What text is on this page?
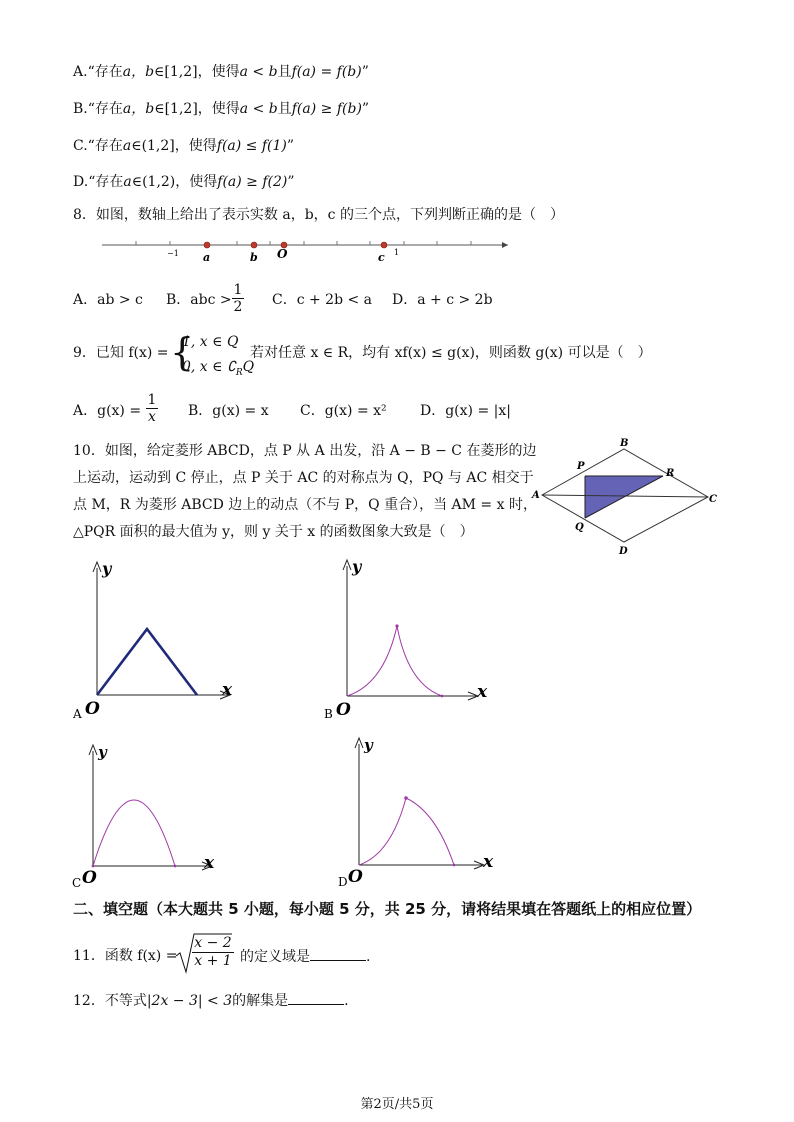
A.“存在a，b∈[1,2]，使得a < b且f(a) = f(b)”
B.“存在a，b∈[1,2]，使得a < b且f(a) ≥ f(b)”
C.“存在a∈(1,2]，使得f(a) ≤ f(1)”
D.“存在a∈(1,2)，使得f(a) ≥ f(2)”
8．如图，数轴上给出了表示实数 a，b，c 的三个点，下列判断正确的是（　）
−1 a	b O	c 1
A．ab > c B．abc >
1
2 C．c + 2b < a D．a + c > 2b
9．已知 f(x) = {
1, x ∈ Q
0, x ∈ $∁_RQ$
若对任意 x ∈ R，均有 xf(x) ≤ g(x)，则函数 g(x) 可以是（　）
A．g(x) =
1
x B．g(x) = x C．g(x) = x² D．g(x) = |x|
10．如图，给定菱形 ABCD，点 P 从 A 出发，沿 A − B − C 在菱形的边
上运动，运动到 C 停止，点 P 关于 AC 的对称点为 Q，PQ 与 AC 相交于
点 M，R 为菱形 ABCD 边上的动点（不与 P，Q 重合），当 AM = x 时，
△PQR 面积的最大值为 y，则 y 关于 x 的函数图象大致是（　）
B
P
R
A	C
Q
D
y
x
O
A
y
x
O
B
y
x
O
C
y
x
O
D
二、填空题（本大题共 5 小题，每小题 5 分，共 25 分，请将结果填在答题纸上的相应位置）
11．函数 f(x) =
x − 2
x + 1 的定义域是	.
12．不等式|2x − 3| < 3的解集是	.
第2页/共5页
